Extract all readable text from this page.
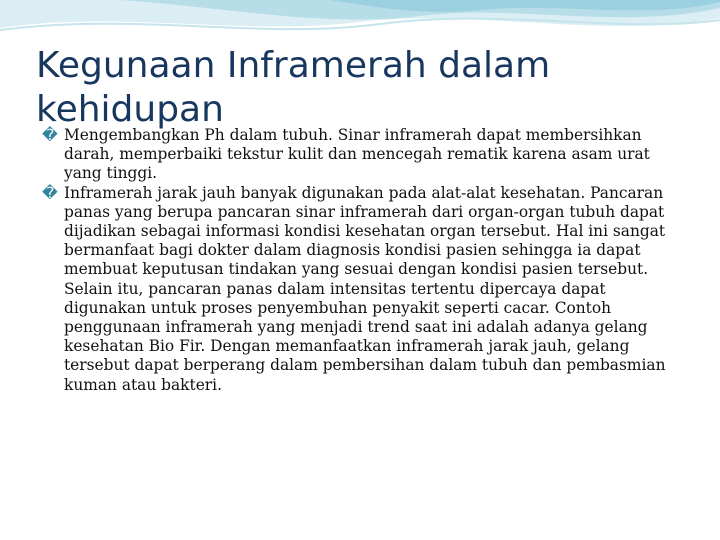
Kegunaan Inframerah dalam kehidupan
� Mengembangkan Ph dalam tubuh. Sinar inframerah dapat membersihkan darah, memperbaiki tekstur kulit dan mencegah rematik karena asam urat yang tinggi.
� Inframerah jarak jauh banyak digunakan pada alat-alat kesehatan. Pancaran panas yang berupa pancaran sinar inframerah dari organ-organ tubuh dapat dijadikan sebagai informasi kondisi kesehatan organ tersebut. Hal ini sangat bermanfaat bagi dokter dalam diagnosis kondisi pasien sehingga ia dapat membuat keputusan tindakan yang sesuai dengan kondisi pasien tersebut. Selain itu, pancaran panas dalam intensitas tertentu dipercaya dapat digunakan untuk proses penyembuhan penyakit seperti cacar. Contoh penggunaan inframerah yang menjadi trend saat ini adalah adanya gelang kesehatan Bio Fir. Dengan memanfaatkan inframerah jarak jauh, gelang tersebut dapat berperang dalam pembersihan dalam tubuh dan pembasmian kuman atau bakteri.
